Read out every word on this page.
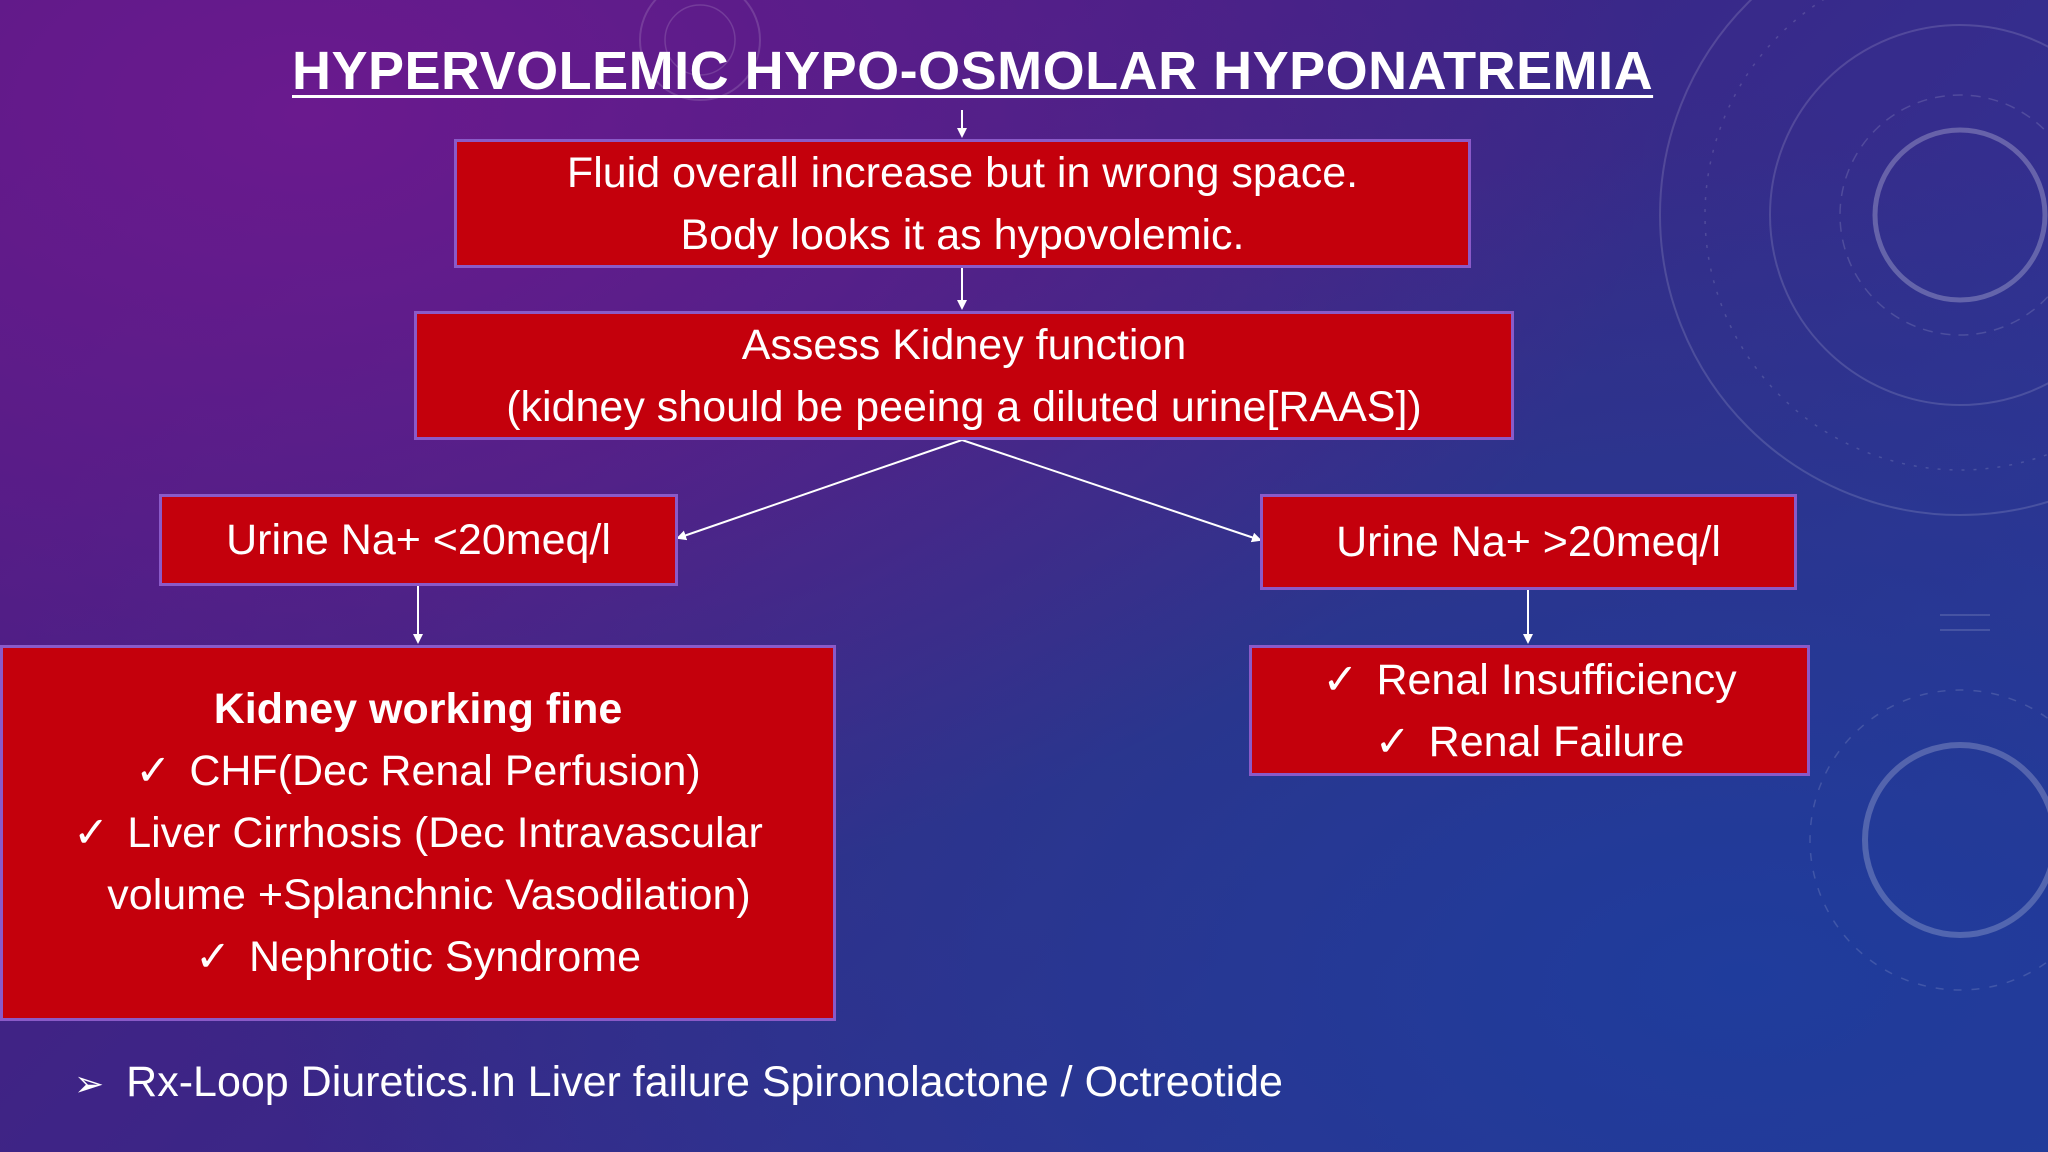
HYPERVOLEMIC HYPO-OSMOLAR HYPONATREMIA
Fluid overall increase but in wrong space.
Body looks it as hypovolemic.
Assess Kidney function
(kidney should be peeing a diluted urine[RAAS])
Urine Na+ <20meq/l	Urine Na+ >20meq/l
Kidney working fine
✓ CHF(Dec Renal Perfusion)
✓ Liver Cirrhosis (Dec Intravascular
volume +Splanchnic Vasodilation)
✓ Nephrotic Syndrome
✓ Renal Insufficiency
✓ Renal Failure
➢ Rx-Loop Diuretics.In Liver failure Spironolactone / Octreotide
